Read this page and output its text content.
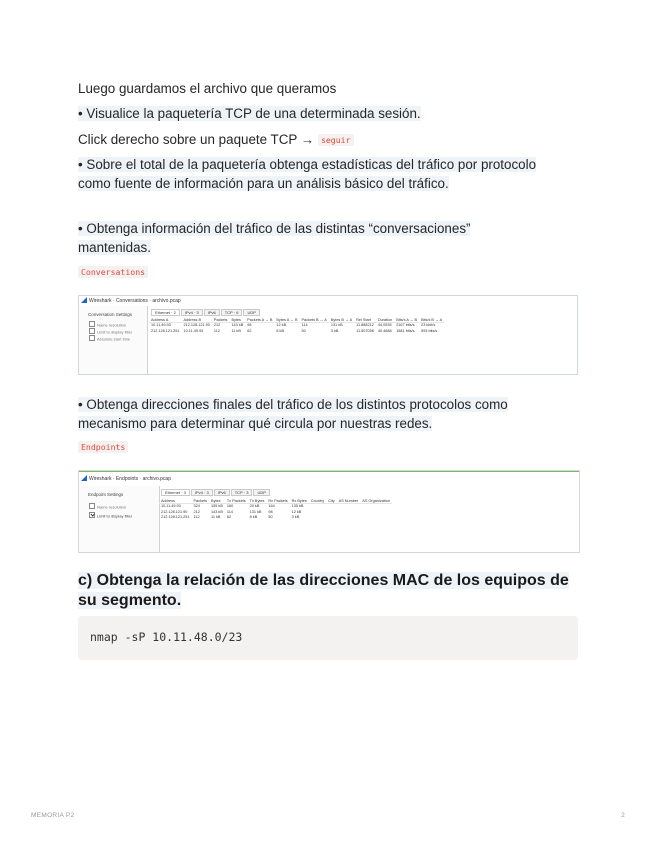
Luego guardamos el archivo que queramos
• Visualice la paquetería TCP de una determinada sesión.
Click derecho sobre un paquete TCP → seguir
• Sobre el total de la paquetería obtenga estadísticas del tráfico por protocolo
como fuente de información para un análisis básico del tráfico.
• Obtenga información del tráfico de las distintas “conversaciones”
mantenidas.
Conversations
Wireshark · Conversations · archivo.pcap
Conversation Settings
Name resolution
Limit to display filter
Absolute start time
Ethernet · 2 IPv4 · 3 IPv6 TCP · 6 UDP
Address A	Address B	Packets	Bytes	Packets A → B	Bytes A → B	Packets B → A	Bytes B → A	Rel Start	Duration	Bits/s A → B	Bits/s B → A
10.11.49.93	212.128.121.90	212	143 kB	98	12 kB	114	131 kB	11.888212	44.0535	2167 bits/s	23 kbit/s
212.128.121.251	10.11.49.93	112	11 kB	62	8 kB	50	3 kB	11.507056	40.4688	1581 bits/s	593 bits/s
• Obtenga direcciones finales del tráfico de los distintos protocolos como
mecanismo para determinar qué circula por nuestras redes.
Endpoints
Wireshark · Endpoints · archivo.pcap
Endpoint Settings
Name resolution
Limit to display filter
Ethernet · 3 IPv4 · 3 IPv6 TCP · 3 UDP
Address	Packets	Bytes	Tx Packets	Tx Bytes	Rx Packets	Rx Bytes	Country	City	AS Number	AS Organization
10.11.49.93	324	155 kB	160	20 kB	164	135 kB				
212.128.121.90	212	143 kB	114	131 kB	98	12 kB				
212.128.121.251	112	11 kB	62	8 kB	50	3 kB				
c) Obtenga la relación de las direcciones MAC de los equipos de
su segmento.
nmap -sP 10.11.48.0/23
MEMORIA P2	2
